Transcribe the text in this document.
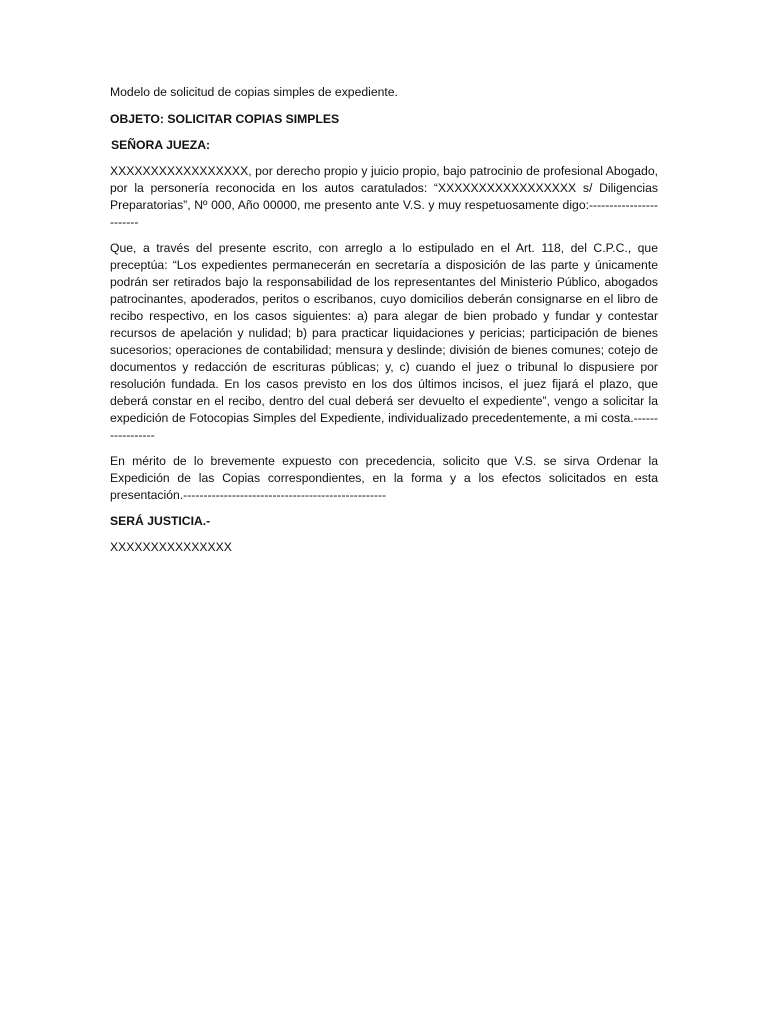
Modelo de solicitud de copias simples de expediente.

OBJETO: SOLICITAR COPIAS SIMPLES

SEÑORA JUEZA:

XXXXXXXXXXXXXXXXX, por derecho propio y juicio propio, bajo patrocinio de profesional Abogado, por la personería reconocida en los autos caratulados: “XXXXXXXXXXXXXXXXX s/ Diligencias Preparatorias”, Nº 000, Año 00000, me presento ante V.S. y muy respetuosamente digo:------------------------

Que, a través del presente escrito, con arreglo a lo estipulado en el Art. 118, del C.P.C., que preceptúa: “Los expedientes permanecerán en secretaría a disposición de las parte y únicamente podrán ser retirados bajo la responsabilidad de los representantes del Ministerio Público, abogados patrocinantes, apoderados, peritos o escribanos, cuyo domicilios deberán consignarse en el libro de recibo respectivo, en los casos siguientes: a) para alegar de bien probado y fundar y contestar recursos de apelación y nulidad; b) para practicar liquidaciones y pericias; participación de bienes sucesorios; operaciones de contabilidad; mensura y deslinde; división de bienes comunes; cotejo de documentos y redacción de escrituras públicas; y, c) cuando el juez o tribunal lo dispusiere por resolución fundada. En los casos previsto en los dos últimos incisos, el juez fijará el plazo, que deberá constar en el recibo, dentro del cual deberá ser devuelto el expediente”, vengo a solicitar la expedición de Fotocopias Simples del Expediente, individualizado precedentemente, a mi costa.-----------------

En mérito de lo brevemente expuesto con precedencia, solicito que V.S. se sirva Ordenar la Expedición de las Copias correspondientes, en la forma y a los efectos solicitados en esta presentación.--------------------------------------------------

SERÁ JUSTICIA.-

XXXXXXXXXXXXXXX
